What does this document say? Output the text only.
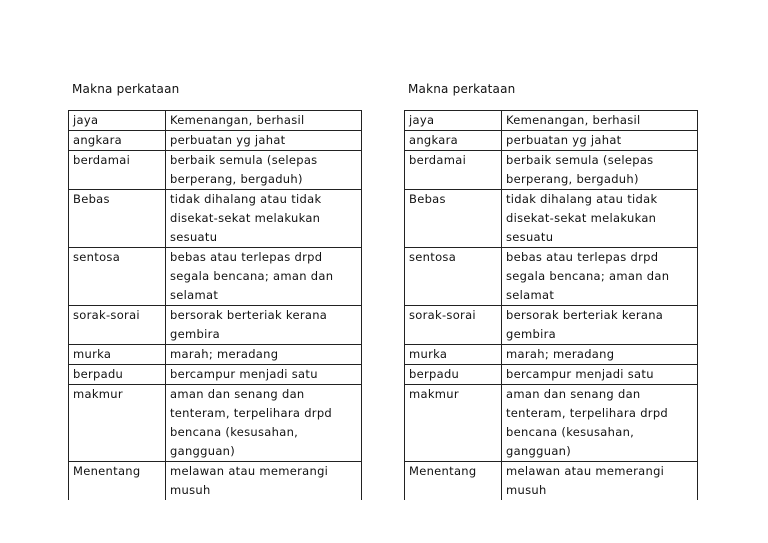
Makna perkataan
jaya	Kemenangan, berhasil
angkara	perbuatan yg jahat
berdamai	berbaik semula (selepas berperang, bergaduh)
Bebas	tidak dihalang atau tidak disekat-sekat melakukan sesuatu
sentosa	bebas atau terlepas drpd segala bencana; aman dan selamat
sorak-sorai	bersorak berteriak kerana gembira
murka	marah; meradang
berpadu	bercampur menjadi satu
makmur	aman dan senang dan tenteram, terpelihara drpd bencana (kesusahan, gangguan)
Menentang	melawan atau memerangi musuh
Makna perkataan
jaya	Kemenangan, berhasil
angkara	perbuatan yg jahat
berdamai	berbaik semula (selepas berperang, bergaduh)
Bebas	tidak dihalang atau tidak disekat-sekat melakukan sesuatu
sentosa	bebas atau terlepas drpd segala bencana; aman dan selamat
sorak-sorai	bersorak berteriak kerana gembira
murka	marah; meradang
berpadu	bercampur menjadi satu
makmur	aman dan senang dan tenteram, terpelihara drpd bencana (kesusahan, gangguan)
Menentang	melawan atau memerangi musuh
